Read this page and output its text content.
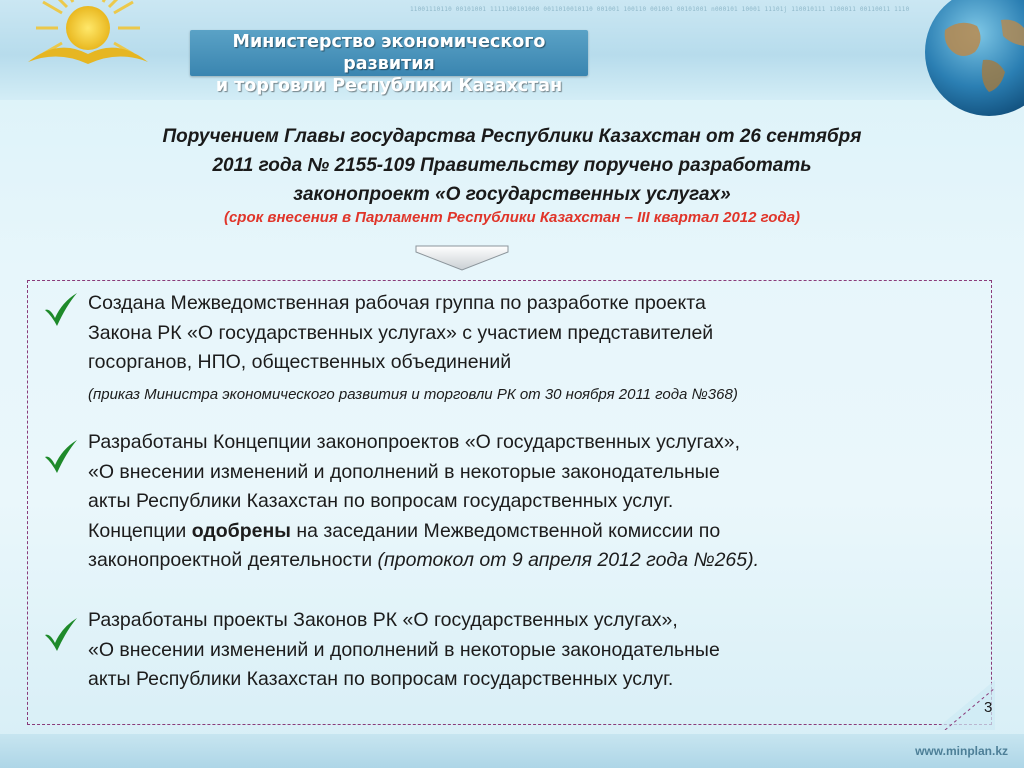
11001110110 00101001 1111100101000 0011010010110 001001 100110 001001 00101001 n000101 10001 11101j 110010111 1100011 00110011 1110
Министерство экономического развития
и торговли Республики Казахстан
Поручением Главы государства Республики Казахстан от 26 сентября
2011 года № 2155-109 Правительству поручено разработать
законопроект «О государственных услугах»
(срок внесения в Парламент Республики Казахстан – III квартал 2012 года)
Создана Межведомственная рабочая группа по разработке проекта
Закона РК «О государственных услугах» с участием представителей
госорганов, НПО, общественных объединений
(приказ Министра экономического развития и торговли РК от 30 ноября 2011 года №368)
Разработаны Концепции законопроектов «О государственных услугах»,
«О внесении изменений и дополнений в некоторые законодательные
акты Республики Казахстан по вопросам государственных услуг.
Концепции одобрены на заседании Межведомственной комиссии по
законопроектной деятельности (протокол от 9 апреля 2012 года №265).
Разработаны проекты Законов РК «О государственных услугах»,
«О внесении изменений и дополнений в некоторые законодательные
акты Республики Казахстан по вопросам государственных услуг.
3
www.minplan.kz
